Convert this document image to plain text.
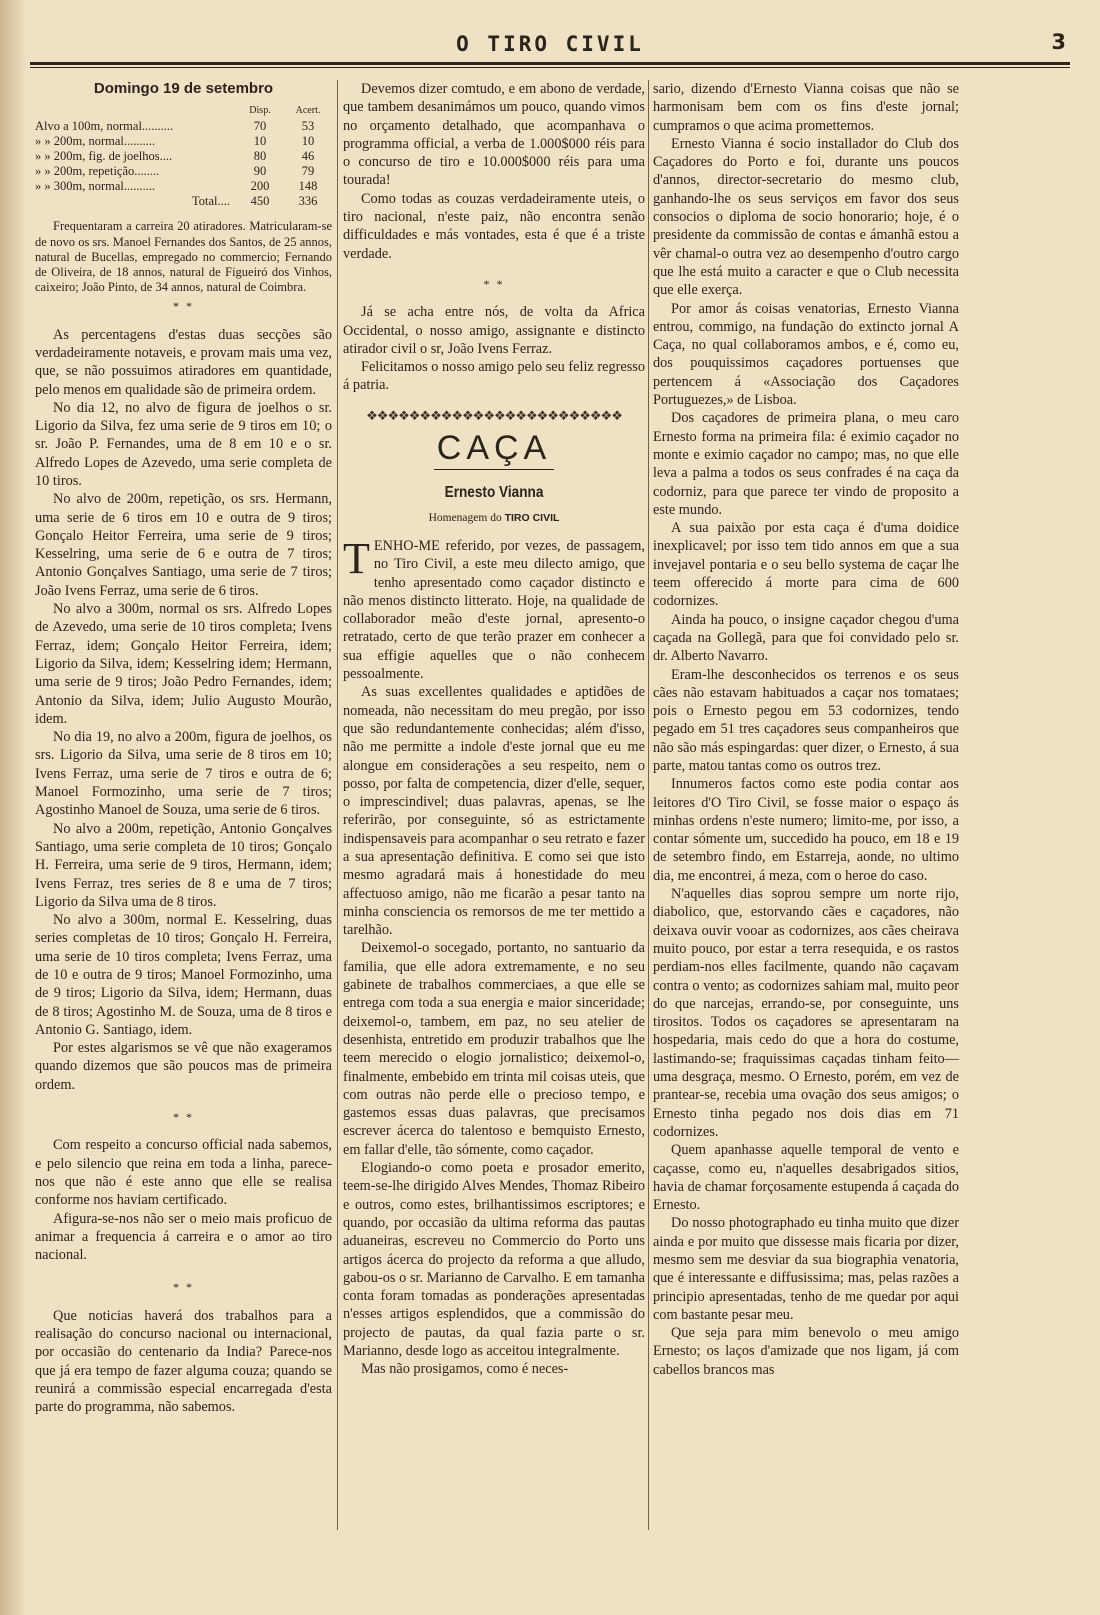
O TIRO CIVIL	3
Domingo 19 de setembro
	Disp.	Acert.
Alvo a 100m, normal..........	70	53
» » 200m, normal..........	10	10
» » 200m, fig. de joelhos....	80	46
» » 200m, repetição........	90	79
» » 300m, normal..........	200	148
Total....	450	336

Frequentaram a carreira 20 atiradores. Matricularam-se de novo os srs. Manoel Fernandes dos Santos, de 25 annos, natural de Bucellas, empregado no commercio; Fernando de Oliveira, de 18 annos, natural de Figueiró dos Vinhos, caixeiro; João Pinto, de 34 annos, natural de Coimbra.

* *

As percentagens d'estas duas secções são verdadeiramente notaveis, e provam mais uma vez, que, se não possuimos atiradores em quantidade, pelo menos em qualidade são de primeira ordem.

No dia 12, no alvo de figura de joelhos o sr. Ligorio da Silva, fez uma serie de 9 tiros em 10; o sr. João P. Fernandes, uma de 8 em 10 e o sr. Alfredo Lopes de Azevedo, uma serie completa de 10 tiros.

No alvo de 200m, repetição, os srs. Hermann, uma serie de 6 tiros em 10 e outra de 9 tiros; Gonçalo Heitor Ferreira, uma serie de 9 tiros; Kesselring, uma serie de 6 e outra de 7 tiros; Antonio Gonçalves Santiago, uma serie de 7 tiros; João Ivens Ferraz, uma serie de 6 tiros.

No alvo a 300m, normal os srs. Alfredo Lopes de Azevedo, uma serie de 10 tiros completa; Ivens Ferraz, idem; Gonçalo Heitor Ferreira, idem; Ligorio da Silva, idem; Kesselring idem; Hermann, uma serie de 9 tiros; João Pedro Fernandes, idem; Antonio da Silva, idem; Julio Augusto Mourão, idem.

No dia 19, no alvo a 200m, figura de joelhos, os srs. Ligorio da Silva, uma serie de 8 tiros em 10; Ivens Ferraz, uma serie de 7 tiros e outra de 6; Manoel Formozinho, uma serie de 7 tiros; Agostinho Manoel de Souza, uma serie de 6 tiros.

No alvo a 200m, repetição, Antonio Gonçalves Santiago, uma serie completa de 10 tiros; Gonçalo H. Ferreira, uma serie de 9 tiros, Hermann, idem; Ivens Ferraz, tres series de 8 e uma de 7 tiros; Ligorio da Silva uma de 8 tiros.

No alvo a 300m, normal E. Kesselring, duas series completas de 10 tiros; Gonçalo H. Ferreira, uma serie de 10 tiros completa; Ivens Ferraz, uma de 10 e outra de 9 tiros; Manoel Formozinho, uma de 9 tiros; Ligorio da Silva, idem; Hermann, duas de 8 tiros; Agostinho M. de Souza, uma de 8 tiros e Antonio G. Santiago, idem.

Por estes algarismos se vê que não exageramos quando dizemos que são poucos mas de primeira ordem.

* *

Com respeito a concurso official nada sabemos, e pelo silencio que reina em toda a linha, parece-nos que não é este anno que elle se realisa conforme nos haviam certificado.

Afigura-se-nos não ser o meio mais proficuo de animar a frequencia á carreira e o amor ao tiro nacional.

* *

Que noticias haverá dos trabalhos para a realisação do concurso nacional ou internacional, por occasião do centenario da India? Parece-nos que já era tempo de fazer alguma couza; quando se reunirá a commissão especial encarregada d'esta parte do programma, não sabemos.

Devemos dizer comtudo, e em abono de verdade, que tambem desanimámos um pouco, quando vimos no orçamento detalhado, que acompanhava o programma official, a verba de 1.000$000 réis para o concurso de tiro e 10.000$000 réis para uma tourada!

Como todas as couzas verdadeiramente uteis, o tiro nacional, n'este paiz, não encontra senão difficuldades e más vontades, esta é que é a triste verdade.

* *

Já se acha entre nós, de volta da Africa Occidental, o nosso amigo, assignante e distincto atirador civil o sr, João Ivens Ferraz.

Felicitamos o nosso amigo pelo seu feliz regresso á patria.

❖❖❖❖❖❖❖❖❖❖❖❖❖❖❖❖❖❖❖❖❖❖❖❖
CAÇA
Ernesto Vianna
Homenagem do TIRO CIVIL

TENHO-ME referido, por vezes, de passagem, no Tiro Civil, a este meu dilecto amigo, que tenho apresentado como caçador distincto e não menos distincto litterato. Hoje, na qualidade de collaborador meão d'este jornal, apresento-o retratado, certo de que terão prazer em conhecer a sua effigie aquelles que o não conhecem pessoalmente.

As suas excellentes qualidades e aptidões de nomeada, não necessitam do meu pregão, por isso que são redundantemente conhecidas; além d'isso, não me permitte a indole d'este jornal que eu me alongue em considerações a seu respeito, nem o posso, por falta de competencia, dizer d'elle, sequer, o imprescindivel; duas palavras, apenas, se lhe referirão, por conseguinte, só as estrictamente indispensaveis para acompanhar o seu retrato e fazer a sua apresentação definitiva. E como sei que isto mesmo agradará mais á honestidade do meu affectuoso amigo, não me ficarão a pesar tanto na minha consciencia os remorsos de me ter mettido a tarelhão.

Deixemol-o socegado, portanto, no santuario da familia, que elle adora extremamente, e no seu gabinete de trabalhos commerciaes, a que elle se entrega com toda a sua energia e maior sinceridade; deixemol-o, tambem, em paz, no seu atelier de desenhista, entretido em produzir trabalhos que lhe teem merecido o elogio jornalistico; deixemol-o, finalmente, embebido em trinta mil coisas uteis, que com outras não perde elle o precioso tempo, e gastemos essas duas palavras, que precisamos escrever ácerca do talentoso e bemquisto Ernesto, em fallar d'elle, tão sómente, como caçador.

Elogiando-o como poeta e prosador emerito, teem-se-lhe dirigido Alves Mendes, Thomaz Ribeiro e outros, como estes, brilhantissimos escriptores; e quando, por occasião da ultima reforma das pautas aduaneiras, escreveu no Commercio do Porto uns artigos ácerca do projecto da reforma a que alludo, gabou-os o sr. Marianno de Carvalho. E em tamanha conta foram tomadas as ponderações apresentadas n'esses artigos esplendidos, que a commissão do projecto de pautas, da qual fazia parte o sr. Marianno, desde logo as acceitou integralmente.

Mas não prosigamos, como é neces-

sario, dizendo d'Ernesto Vianna coisas que não se harmonisam bem com os fins d'este jornal; cumpramos o que acima promettemos.

Ernesto Vianna é socio installador do Club dos Caçadores do Porto e foi, durante uns poucos d'annos, director-secretario do mesmo club, ganhando-lhe os seus serviços em favor dos seus consocios o diploma de socio honorario; hoje, é o presidente da commissão de contas e ámanhã estou a vêr chamal-o outra vez ao desempenho d'outro cargo que lhe está muito a caracter e que o Club necessita que elle exerça.

Por amor ás coisas venatorias, Ernesto Vianna entrou, commigo, na fundação do extincto jornal A Caça, no qual collaboramos ambos, e é, como eu, dos pouquissimos caçadores portuenses que pertencem á «Associação dos Caçadores Portuguezes,» de Lisboa.

Dos caçadores de primeira plana, o meu caro Ernesto forma na primeira fila: é eximio caçador no monte e eximio caçador no campo; mas, no que elle leva a palma a todos os seus confrades é na caça da codorniz, para que parece ter vindo de proposito a este mundo.

A sua paixão por esta caça é d'uma doidice inexplicavel; por isso tem tido annos em que a sua invejavel pontaria e o seu bello systema de caçar lhe teem offerecido á morte para cima de 600 codornizes.

Ainda ha pouco, o insigne caçador chegou d'uma caçada na Gollegã, para que foi convidado pelo sr. dr. Alberto Navarro.

Eram-lhe desconhecidos os terrenos e os seus cães não estavam habituados a caçar nos tomataes; pois o Ernesto pegou em 53 codornizes, tendo pegado em 51 tres caçadores seus companheiros que não são más espingardas: quer dizer, o Ernesto, á sua parte, matou tantas como os outros trez.

Innumeros factos como este podia contar aos leitores d'O Tiro Civil, se fosse maior o espaço ás minhas ordens n'este numero; limito-me, por isso, a contar sómente um, succedido ha pouco, em 18 e 19 de setembro findo, em Estarreja, aonde, no ultimo dia, me encontrei, á meza, com o heroe do caso.

N'aquelles dias soprou sempre um norte rijo, diabolico, que, estorvando cães e caçadores, não deixava ouvir vooar as codornizes, aos cães cheirava muito pouco, por estar a terra resequida, e os rastos perdiam-nos elles facilmente, quando não caçavam contra o vento; as codornizes sahiam mal, muito peor do que narcejas, errando-se, por conseguinte, uns tirositos. Todos os caçadores se apresentaram na hospedaria, mais cedo do que a hora do costume, lastimando-se; fraquissimas caçadas tinham feito—uma desgraça, mesmo. O Ernesto, porém, em vez de prantear-se, recebia uma ovação dos seus amigos; o Ernesto tinha pegado nos dois dias em 71 codornizes.

Quem apanhasse aquelle temporal de vento e caçasse, como eu, n'aquelles desabrigados sitios, havia de chamar forçosamente estupenda á caçada do Ernesto.

Do nosso photographado eu tinha muito que dizer ainda e por muito que dissesse mais ficaria por dizer, mesmo sem me desviar da sua biographia venatoria, que é interessante e diffusissima; mas, pelas razões a principio apresentadas, tenho de me quedar por aqui com bastante pesar meu.

Que seja para mim benevolo o meu amigo Ernesto; os laços d'amizade que nos ligam, já com cabellos brancos mas
